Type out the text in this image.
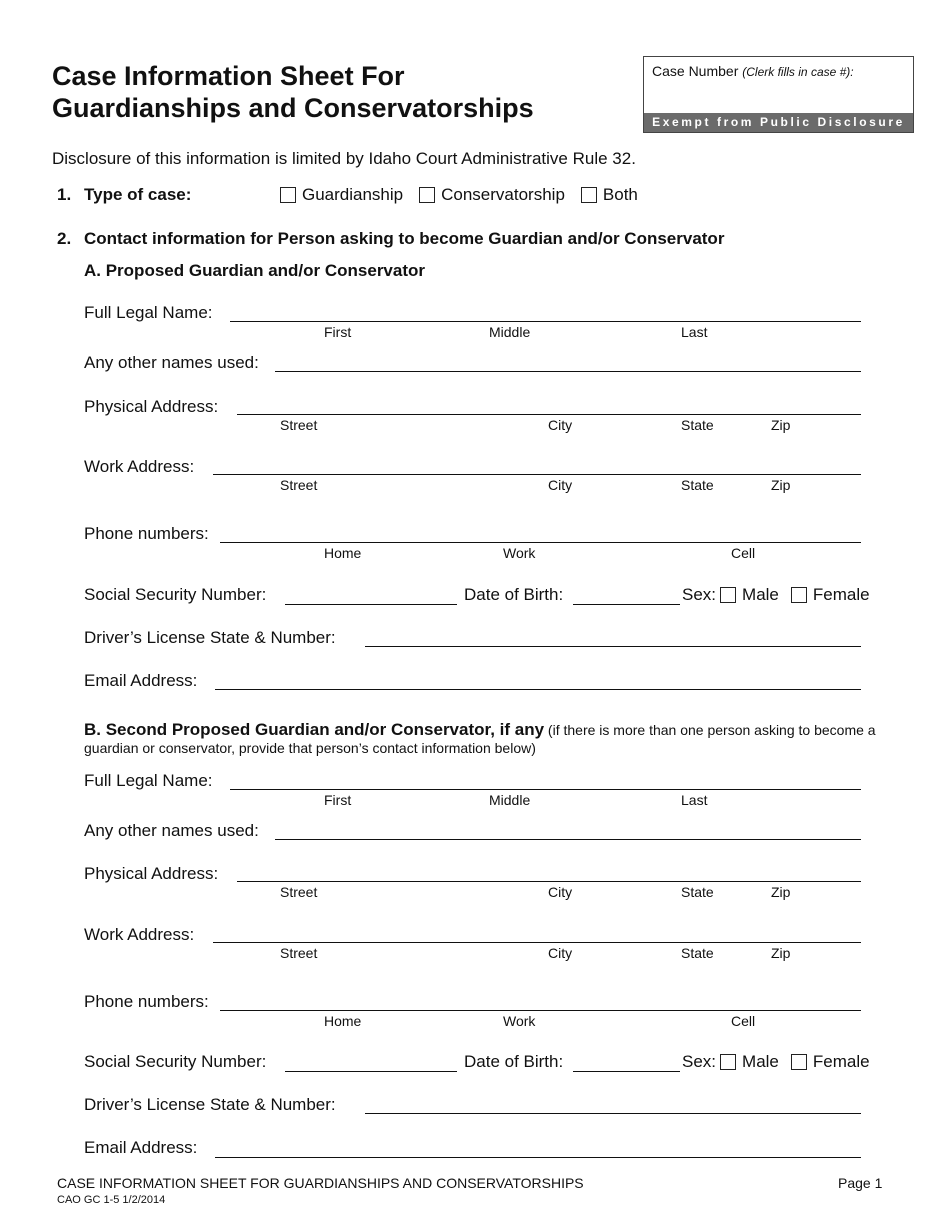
Case Information Sheet For
Guardianships and Conservatorships
Case Number (Clerk fills in case #):
Exempt from Public Disclosure
Disclosure of this information is limited by Idaho Court Administrative Rule 32.
1. Type of case:	Guardianship Conservatorship Both
2. Contact information for Person asking to become Guardian and/or Conservator
A. Proposed Guardian and/or Conservator
Full Legal Name:
First	Middle	Last
Any other names used:
Physical Address:
Street	City	State	Zip
Work Address:
Street	City	State	Zip
Phone numbers:
Home	Work	Cell
Social Security Number:	Date of Birth:	Sex: Male Female
Driver’s License State & Number:
Email Address:
B. Second Proposed Guardian and/or Conservator, if any (if there is more than one person asking to become a guardian or conservator, provide that person’s contact information below)
Full Legal Name:
First	Middle	Last
Any other names used:
Physical Address:
Street	City	State	Zip
Work Address:
Street	City	State	Zip
Phone numbers:
Home	Work	Cell
Social Security Number:	Date of Birth:	Sex: Male Female
Driver’s License State & Number:
Email Address:
CASE INFORMATION SHEET FOR GUARDIANSHIPS AND CONSERVATORSHIPS
CAO GC 1-5 1/2/2014
Page 1
